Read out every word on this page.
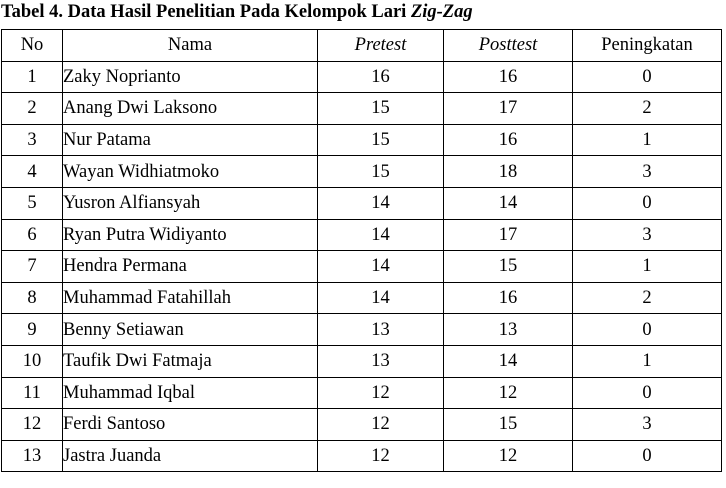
Tabel 4. Data Hasil Penelitian Pada Kelompok Lari Zig-Zag
No	Nama	Pretest	Posttest	Peningkatan
1	Zaky Noprianto	16	16	0
2	Anang Dwi Laksono	15	17	2
3	Nur Patama	15	16	1
4	Wayan Widhiatmoko	15	18	3
5	Yusron Alfiansyah	14	14	0
6	Ryan Putra Widiyanto	14	17	3
7	Hendra Permana	14	15	1
8	Muhammad Fatahillah	14	16	2
9	Benny Setiawan	13	13	0
10	Taufik Dwi Fatmaja	13	14	1
11	Muhammad Iqbal	12	12	0
12	Ferdi Santoso	12	15	3
13	Jastra Juanda	12	12	0
